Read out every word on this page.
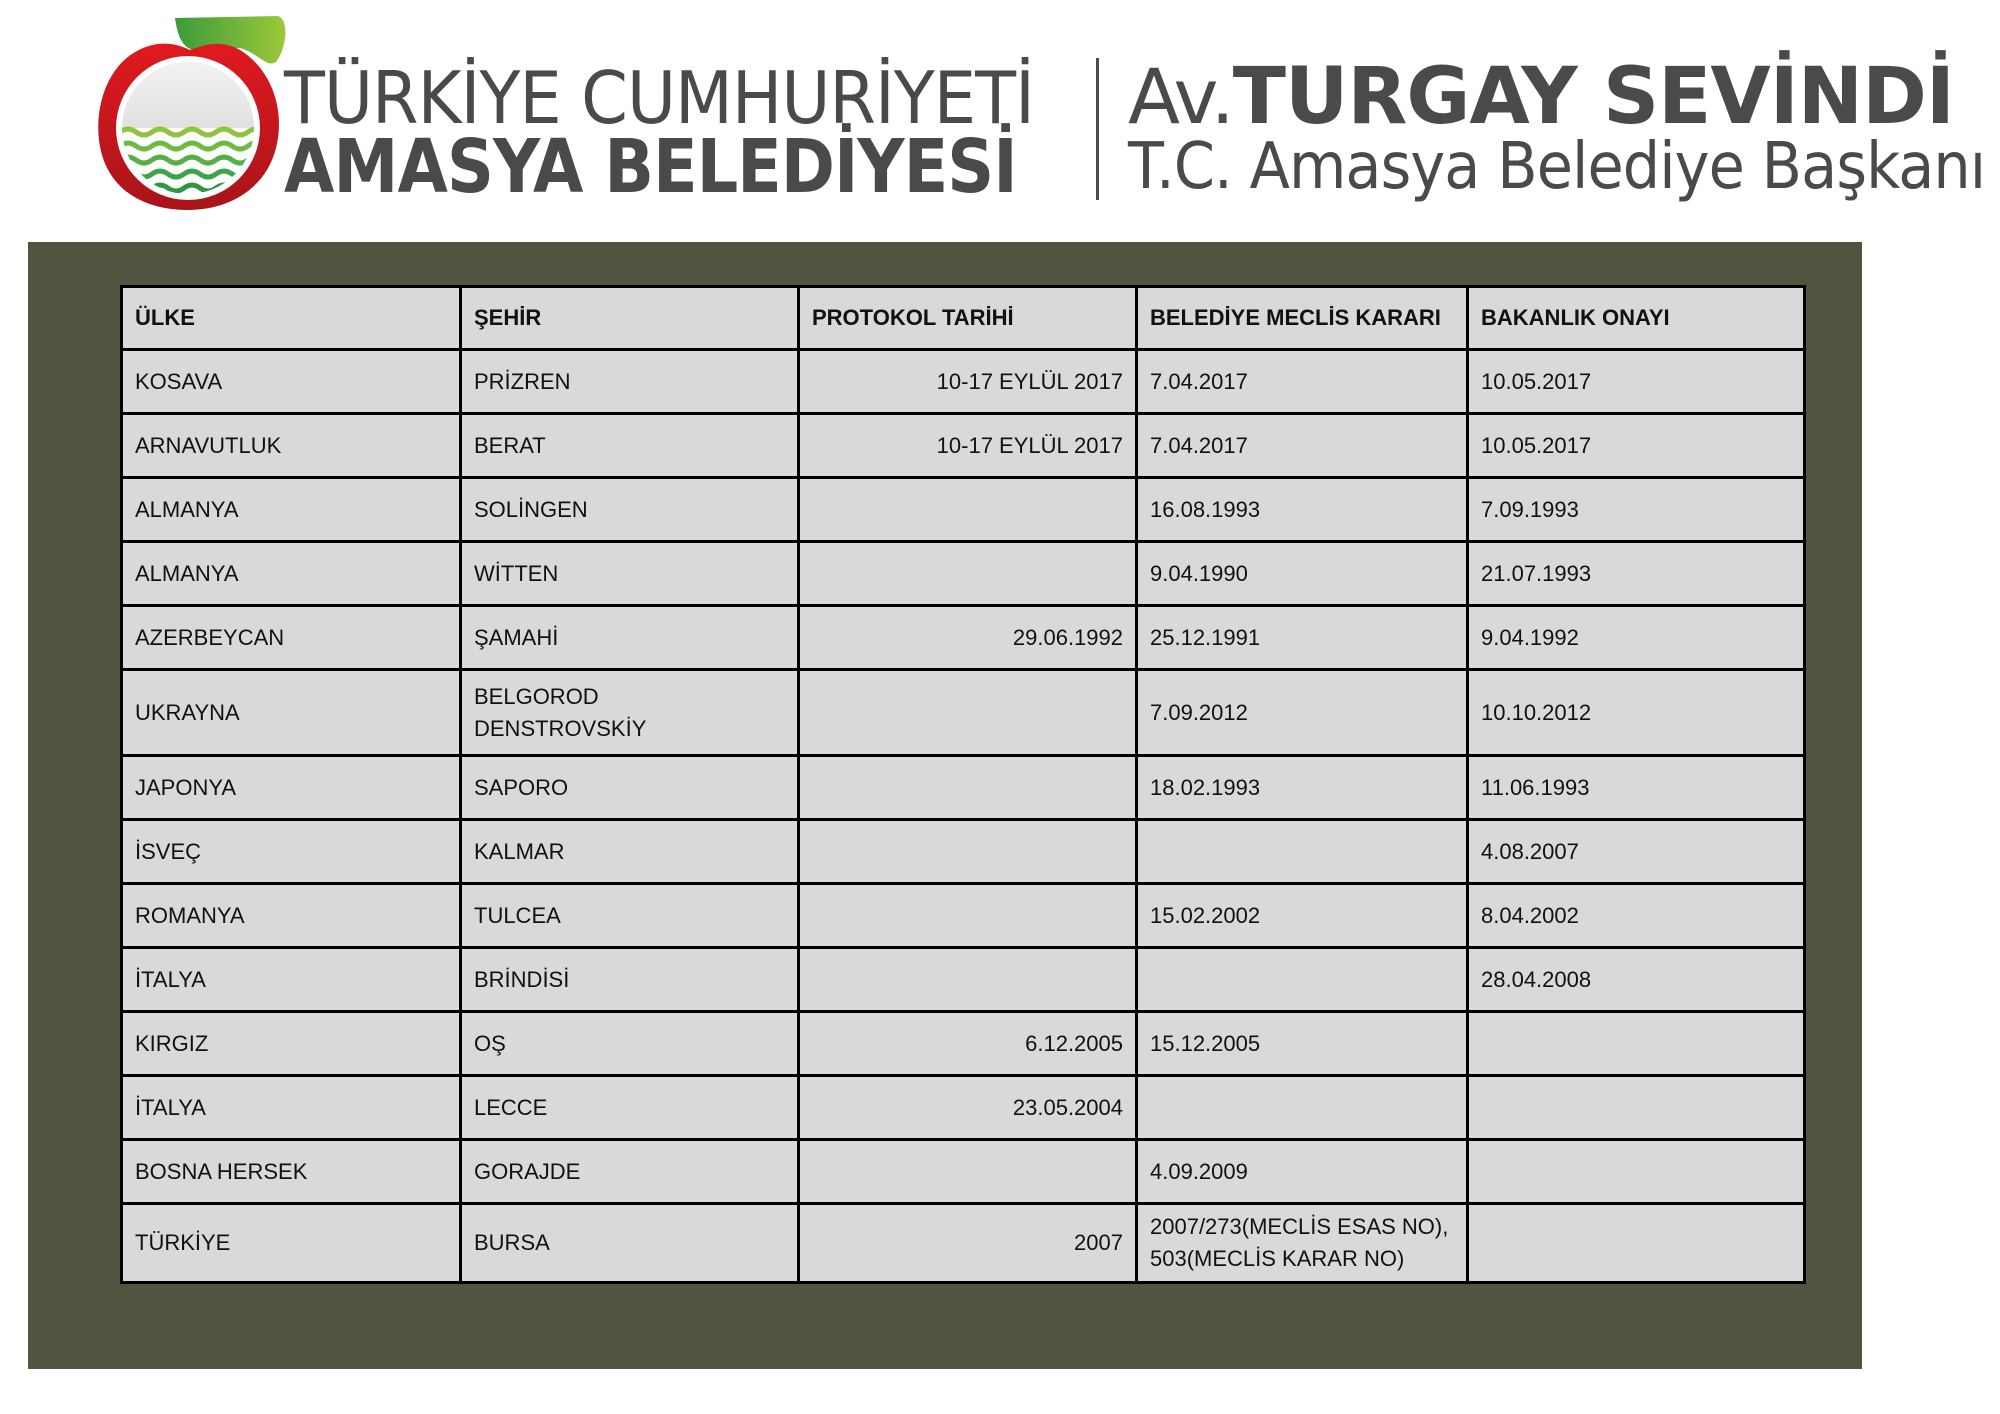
TÜRKİYE CUMHURİYETİ
AMASYA BELEDİYESİ
Av.TURGAY SEVİNDİ
T.C. Amasya Belediye Başkanı
ÜLKE	ŞEHİR	PROTOKOL TARİHİ	BELEDİYE MECLİS KARARI	BAKANLIK ONAYI
KOSAVA	PRİZREN	10-17 EYLÜL 2017	7.04.2017	10.05.2017
ARNAVUTLUK	BERAT	10-17 EYLÜL 2017	7.04.2017	10.05.2017
ALMANYA	SOLİNGEN		16.08.1993	7.09.1993
ALMANYA	WİTTEN		9.04.1990	21.07.1993
AZERBEYCAN	ŞAMAHİ	29.06.1992	25.12.1991	9.04.1992
UKRAYNA	BELGOROD
DENSTROVSKİY		7.09.2012	10.10.2012
JAPONYA	SAPORO		18.02.1993	11.06.1993
İSVEÇ	KALMAR			4.08.2007
ROMANYA	TULCEA		15.02.2002	8.04.2002
İTALYA	BRİNDİSİ			28.04.2008
KIRGIZ	OŞ	6.12.2005	15.12.2005	
İTALYA	LECCE	23.05.2004		
BOSNA HERSEK	GORAJDE		4.09.2009	
TÜRKİYE	BURSA	2007	2007/273(MECLİS ESAS NO),
503(MECLİS KARAR NO)	
